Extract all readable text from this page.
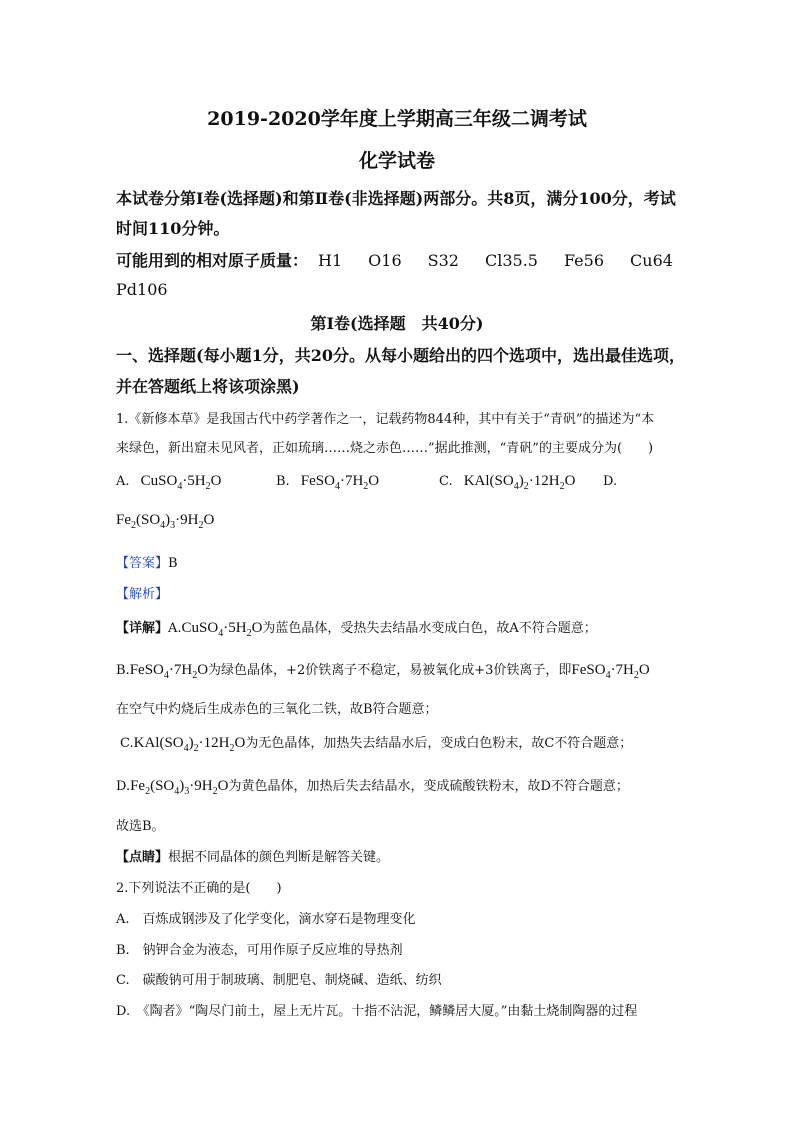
2019-2020学年度上学期高三年级二调考试
化学试卷
本试卷分第Ⅰ卷(选择题)和第Ⅱ卷(非选择题)两部分。共8页，满分100分，考试
时间110分钟。
可能用到的相对原子质量： H1 O16 S32 Cl35.5 Fe56 Cu64
Pd106
第Ⅰ卷(选择题　共40分)
一、选择题(每小题1分，共20分。从每小题给出的四个选项中，选出最佳选项，
并在答题纸上将该项涂黑)
1.《新修本草》是我国古代中药学著作之一，记载药物844种，其中有关于“青矾”的描述为“本
来绿色，新出窟未见风者，正如琉璃……烧之赤色……”据此推测，“青矾”的主要成分为(　　)
A. $CuSO_4\cdot 5H_2O$	B. $FeSO_4\cdot 7H_2O$	C. $KAl(SO_4)_2\cdot 12H_2O$ D.
$Fe_2(SO_4)_3\cdot 9H_2O$
【答案】B
【解析】
【详解】$A.CuSO_4\cdot 5H_2O$为蓝色晶体，受热失去结晶水变成白色，故A不符合题意；
$B.FeSO_4\cdot 7H_2O$为绿色晶体，+2价铁离子不稳定，易被氧化成+3价铁离子，即$FeSO_4\cdot 7H_2O$
在空气中灼烧后生成赤色的三氧化二铁，故B符合题意；
$C.KAl(SO_4)_2\cdot 12H_2O$为无色晶体，加热失去结晶水后，变成白色粉末，故C不符合题意；
$D.Fe_2(SO_4)_3\cdot 9H_2O$为黄色晶体，加热后失去结晶水，变成硫酸铁粉末，故D不符合题意；
故选B。
【点睛】根据不同晶体的颜色判断是解答关键。
2.下列说法不正确的是(　　)
A.　百炼成钢涉及了化学变化，滴水穿石是物理变化
B.　钠钾合金为液态，可用作原子反应堆的导热剂
C.　碳酸钠可用于制玻璃、制肥皂、制烧碱、造纸、纺织
D.　《陶者》“陶尽门前土，屋上无片瓦。十指不沾泥，鳞鳞居大厦。”由黏土烧制陶器的过程
